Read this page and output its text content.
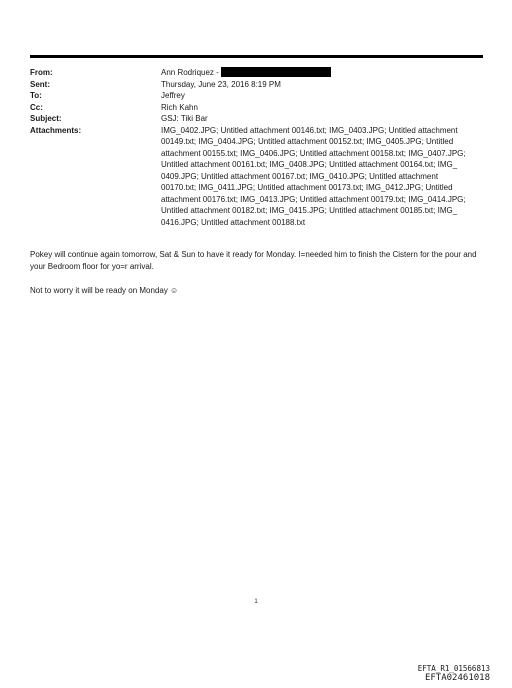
From:	Ann Rodriquez -
Sent:	Thursday, June 23, 2016 8:19 PM
To:	Jeffrey
Cc:	Rich Kahn
Subject:	GSJ: Tiki Bar
Attachments:	IMG_0402.JPG; Untitled attachment 00146.txt; IMG_0403.JPG; Untitled attachment
00149.txt; IMG_0404.JPG; Untitled attachment 00152.txt; IMG_0405.JPG; Untitled
attachment 00155.txt; IMG_0406.JPG; Untitled attachment 00158.txt; IMG_0407.JPG;
Untitled attachment 00161.txt; IMG_0408.JPG; Untitled attachment 00164.txt; IMG_
0409.JPG; Untitled attachment 00167.txt; IMG_0410.JPG; Untitled attachment
00170.txt; IMG_0411.JPG; Untitled attachment 00173.txt; IMG_0412.JPG; Untitled
attachment 00176.txt; IMG_0413.JPG; Untitled attachment 00179.txt; IMG_0414.JPG;
Untitled attachment 00182.txt; IMG_0415.JPG; Untitled attachment 00185.txt; IMG_
0416.JPG; Untitled attachment 00188.txt
Pokey will continue again tomorrow, Sat & Sun to have it ready for Monday. I=needed him to finish the Cistern for the pour and your Bedroom floor for yo=r arrival.
Not to worry it will be ready on Monday ☺
1
EFTA_R1_01566813
EFTA02461018
